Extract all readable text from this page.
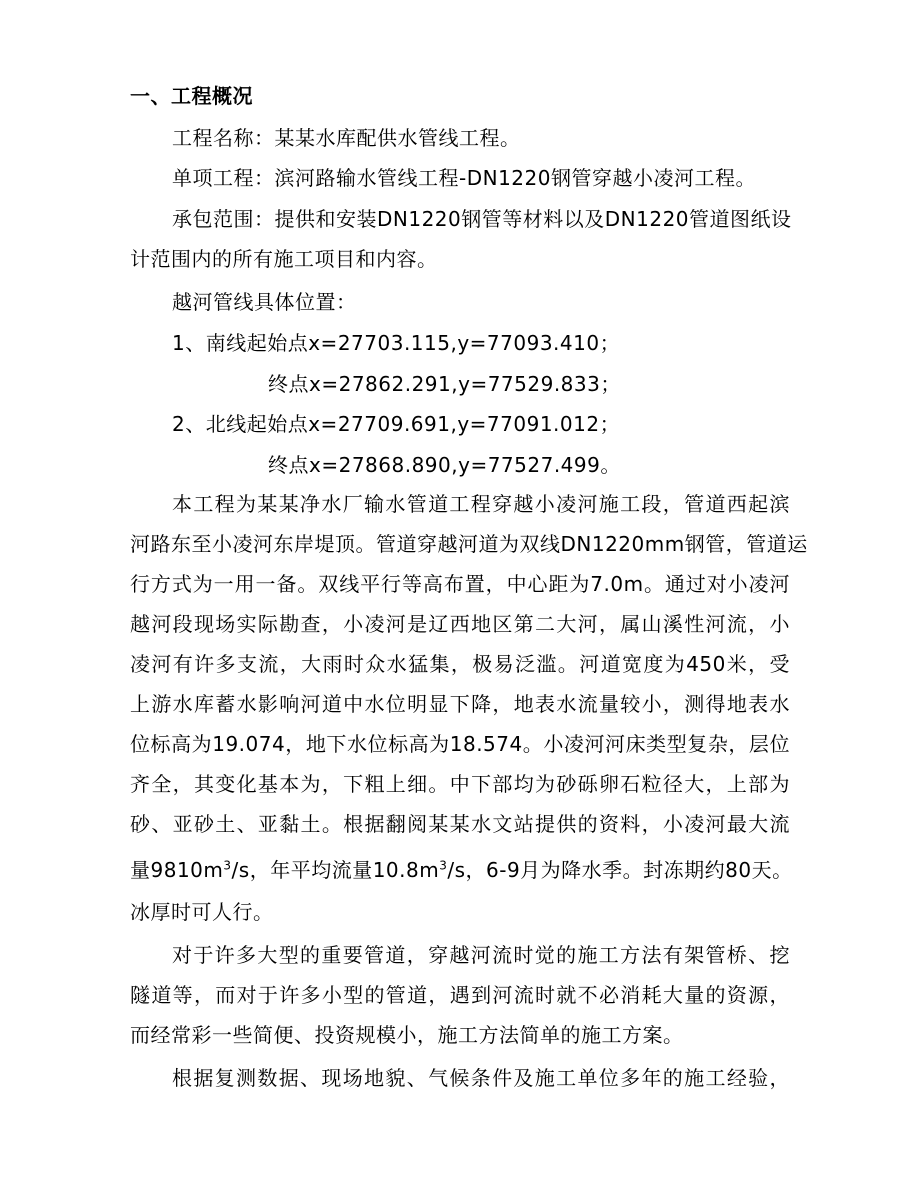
一、工程概况
工程名称：某某水库配供水管线工程。
单项工程：滨河路输水管线工程-DN1220钢管穿越小凌河工程。
承包范围：提供和安装DN1220钢管等材料以及DN1220管道图纸设
计范围内的所有施工项目和内容。
越河管线具体位置：
1、南线起始点x=27703.115,y=77093.410；
终点x=27862.291,y=77529.833；
2、北线起始点x=27709.691,y=77091.012；
终点x=27868.890,y=77527.499。
本工程为某某净水厂输水管道工程穿越小凌河施工段，管道西起滨
河路东至小凌河东岸堤顶。管道穿越河道为双线DN1220mm钢管，管道运
行方式为一用一备。双线平行等高布置，中心距为7.0m。通过对小凌河
越河段现场实际勘查，小凌河是辽西地区第二大河，属山溪性河流，小
凌河有许多支流，大雨时众水猛集，极易泛滥。河道宽度为450米，受
上游水库蓄水影响河道中水位明显下降，地表水流量较小，测得地表水
位标高为19.074，地下水位标高为18.574。小凌河河床类型复杂，层位
齐全，其变化基本为，下粗上细。中下部均为砂砾卵石粒径大，上部为
砂、亚砂土、亚黏土。根据翻阅某某水文站提供的资料，小凌河最大流
量$9810m^3/s$，年平均流量$10.8m^3/s$，6-9月为降水季。封冻期约80天。
冰厚时可人行。
对于许多大型的重要管道，穿越河流时觉的施工方法有架管桥、挖
隧道等，而对于许多小型的管道，遇到河流时就不必消耗大量的资源，
而经常彩一些简便、投资规模小，施工方法简单的施工方案。
根据复测数据、现场地貌、气候条件及施工单位多年的施工经验，
